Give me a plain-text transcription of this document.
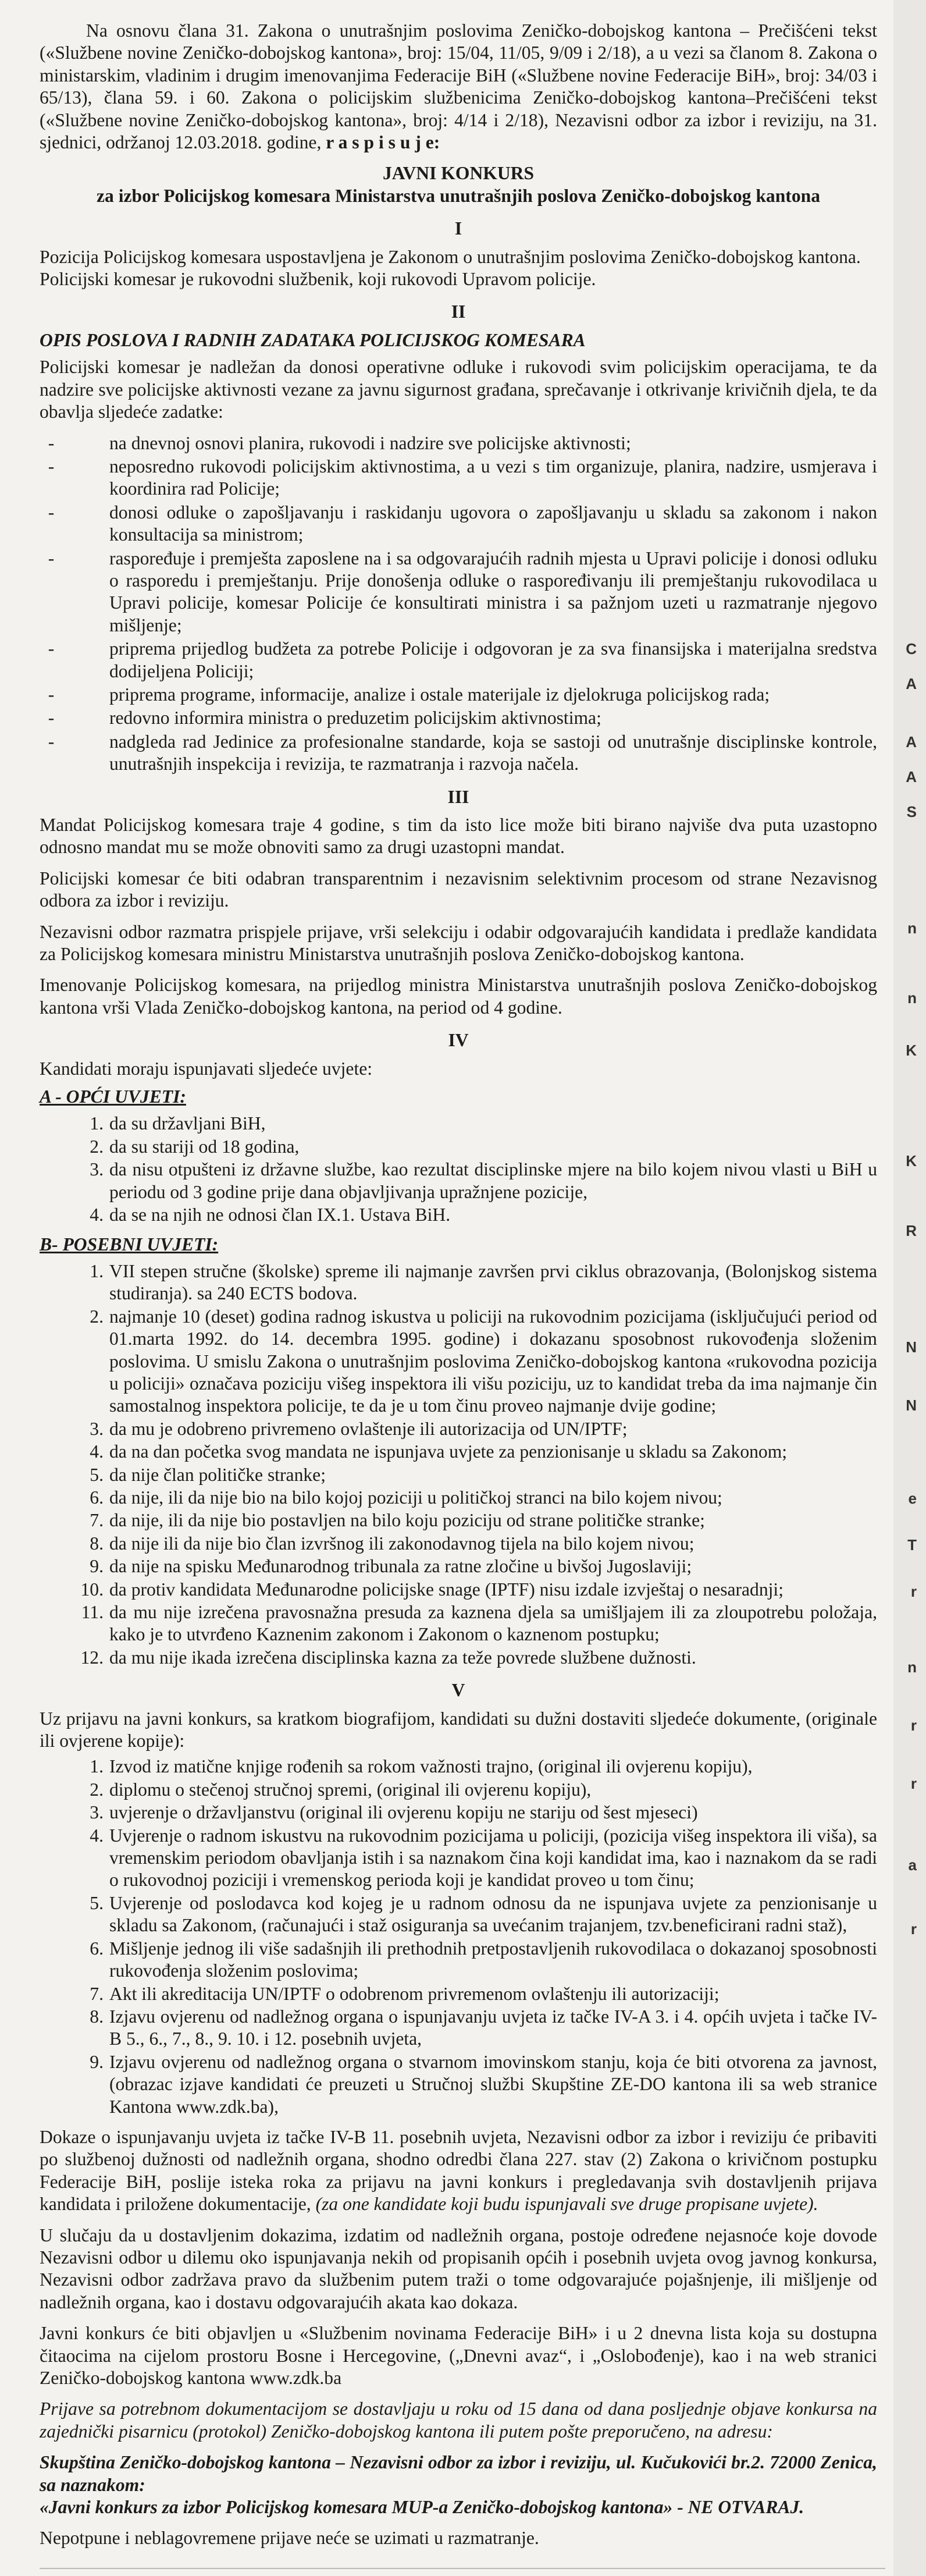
C
A
A
A
S
n
n
K
K
R
N
N
e
T
r
n
r
r
a
r

Na osnovu člana 31. Zakona o unutrašnjim poslovima Zeničko-dobojskog kantona – Prečišćeni tekst («Službene novine Zeničko-dobojskog kantona», broj: 15/04, 11/05, 9/09 i 2/18), a u vezi sa članom 8. Zakona o ministarskim, vladinim i drugim imenovanjima Federacije BiH («Službene novine Federacije BiH», broj: 34/03 i 65/13), člana 59. i 60. Zakona o policijskim službenicima Zeničko-dobojskog kantona–Prečišćeni tekst («Službene novine Zeničko-dobojskog kantona», broj: 4/14 i 2/18), Nezavisni odbor za izbor i reviziju, na 31. sjednici, održanoj 12.03.2018. godine, r a s p i s u j e:

JAVNI KONKURS
za izbor Policijskog komesara Ministarstva unutrašnjih poslova Zeničko-dobojskog kantona
I

Pozicija Policijskog komesara uspostavljena je Zakonom o unutrašnjim poslovima Zeničko-dobojskog kantona.

Policijski komesar je rukovodni službenik, koji rukovodi Upravom policije.

II
OPIS POSLOVA I RADNIH ZADATAKA POLICIJSKOG KOMESARA

Policijski komesar je nadležan da donosi operativne odluke i rukovodi svim policijskim operacijama, te da nadzire sve policijske aktivnosti vezane za javnu sigurnost građana, sprečavanje i otkrivanje krivičnih djela, te da obavlja sljedeće zadatke:

- na dnevnoj osnovi planira, rukovodi i nadzire sve policijske aktivnosti;
- neposredno rukovodi policijskim aktivnostima, a u vezi s tim organizuje, planira, nadzire, usmjerava i koordinira rad Policije;
- donosi odluke o zapošljavanju i raskidanju ugovora o zapošljavanju u skladu sa zakonom i nakon konsultacija sa ministrom;
- raspoređuje i premješta zaposlene na i sa odgovarajućih radnih mjesta u Upravi policije i donosi odluku o rasporedu i premještanju. Prije donošenja odluke o raspoređivanju ili premještanju rukovodilaca u Upravi policije, komesar Policije će konsultirati ministra i sa pažnjom uzeti u razmatranje njegovo mišljenje;
- priprema prijedlog budžeta za potrebe Policije i odgovoran je za sva finansijska i materijalna sredstva dodijeljena Policiji;
- priprema programe, informacije, analize i ostale materijale iz djelokruga policijskog rada;
- redovno informira ministra o preduzetim policijskim aktivnostima;
- nadgleda rad Jedinice za profesionalne standarde, koja se sastoji od unutrašnje disciplinske kontrole, unutrašnjih inspekcija i revizija, te razmatranja i razvoja načela.
III

Mandat Policijskog komesara traje 4 godine, s tim da isto lice može biti birano najviše dva puta uzastopno odnosno mandat mu se može obnoviti samo za drugi uzastopni mandat.

Policijski komesar će biti odabran transparentnim i nezavisnim selektivnim procesom od strane Nezavisnog odbora za izbor i reviziju.

Nezavisni odbor razmatra prispjele prijave, vrši selekciju i odabir odgovarajućih kandidata i predlaže kandidata za Policijskog komesara ministru Ministarstva unutrašnjih poslova Zeničko-dobojskog kantona.

Imenovanje Policijskog komesara, na prijedlog ministra Ministarstva unutrašnjih poslova Zeničko-dobojskog kantona vrši Vlada Zeničko-dobojskog kantona, na period od 4 godine.

IV

Kandidati moraju ispunjavati sljedeće uvjete:

A - OPĆI UVJETI:
1. da su državljani BiH,
2. da su stariji od 18 godina,
3. da nisu otpušteni iz državne službe, kao rezultat disciplinske mjere na bilo kojem nivou vlasti u BiH u periodu od 3 godine prije dana objavljivanja upražnjene pozicije,
4. da se na njih ne odnosi član IX.1. Ustava BiH.
B- POSEBNI UVJETI:
1. VII stepen stručne (školske) spreme ili najmanje završen prvi ciklus obrazovanja, (Bolonjskog sistema studiranja). sa 240 ECTS bodova.
2. najmanje 10 (deset) godina radnog iskustva u policiji na rukovodnim pozicijama (isključujući period od 01.marta 1992. do 14. decembra 1995. godine) i dokazanu sposobnost rukovođenja složenim poslovima. U smislu Zakona o unutrašnjim poslovima Zeničko-dobojskog kantona «rukovodna pozicija u policiji» označava poziciju višeg inspektora ili višu poziciju, uz to kandidat treba da ima najmanje čin samostalnog inspektora policije, te da je u tom činu proveo najmanje dvije godine;
3. da mu je odobreno privremeno ovlaštenje ili autorizacija od UN/IPTF;
4. da na dan početka svog mandata ne ispunjava uvjete za penzionisanje u skladu sa Zakonom;
5. da nije član političke stranke;
6. da nije, ili da nije bio na bilo kojoj poziciji u političkoj stranci na bilo kojem nivou;
7. da nije, ili da nije bio postavljen na bilo koju poziciju od strane političke stranke;
8. da nije ili da nije bio član izvršnog ili zakonodavnog tijela na bilo kojem nivou;
9. da nije na spisku Međunarodnog tribunala za ratne zločine u bivšoj Jugoslaviji;
10. da protiv kandidata Međunarodne policijske snage (IPTF) nisu izdale izvještaj o nesaradnji;
11. da mu nije izrečena pravosnažna presuda za kaznena djela sa umišljajem ili za zloupotrebu položaja, kako je to utvrđeno Kaznenim zakonom i Zakonom o kaznenom postupku;
12. da mu nije ikada izrečena disciplinska kazna za teže povrede službene dužnosti.
V

Uz prijavu na javni konkurs, sa kratkom biografijom, kandidati su dužni dostaviti sljedeće dokumente, (originale ili ovjerene kopije):

1. Izvod iz matične knjige rođenih sa rokom važnosti trajno, (original ili ovjerenu kopiju),
2. diplomu o stečenoj stručnoj spremi, (original ili ovjerenu kopiju),
3. uvjerenje o državljanstvu (original ili ovjerenu kopiju ne stariju od šest mjeseci)
4. Uvjerenje o radnom iskustvu na rukovodnim pozicijama u policiji, (pozicija višeg inspektora ili viša), sa vremenskim periodom obavljanja istih i sa naznakom čina koji kandidat ima, kao i naznakom da se radi o rukovodnoj poziciji i vremenskog perioda koji je kandidat proveo u tom činu;
5. Uvjerenje od poslodavca kod kojeg je u radnom odnosu da ne ispunjava uvjete za penzionisanje u skladu sa Zakonom, (računajući i staž osiguranja sa uvećanim trajanjem, tzv.beneficirani radni staž),
6. Mišljenje jednog ili više sadašnjih ili prethodnih pretpostavljenih rukovodilaca o dokazanoj sposobnosti rukovođenja složenim poslovima;
7. Akt ili akreditacija UN/IPTF o odobrenom privremenom ovlaštenju ili autorizaciji;
8. Izjavu ovjerenu od nadležnog organa o ispunjavanju uvjeta iz tačke IV-A 3. i 4. općih uvjeta i tačke IV-B 5., 6., 7., 8., 9. 10. i 12. posebnih uvjeta,
9. Izjavu ovjerenu od nadležnog organa o stvarnom imovinskom stanju, koja će biti otvorena za javnost, (obrazac izjave kandidati će preuzeti u Stručnoj službi Skupštine ZE-DO kantona ili sa web stranice Kantona www.zdk.ba),

Dokaze o ispunjavanju uvjeta iz tačke IV-B 11. posebnih uvjeta, Nezavisni odbor za izbor i reviziju će pribaviti po službenoj dužnosti od nadležnih organa, shodno odredbi člana 227. stav (2) Zakona o krivičnom postupku Federacije BiH, poslije isteka roka za prijavu na javni konkurs i pregledavanja svih dostavljenih prijava kandidata i priložene dokumentacije, (za one kandidate koji budu ispunjavali sve druge propisane uvjete).

U slučaju da u dostavljenim dokazima, izdatim od nadležnih organa, postoje određene nejasnoće koje dovode Nezavisni odbor u dilemu oko ispunjavanja nekih od propisanih općih i posebnih uvjeta ovog javnog konkursa, Nezavisni odbor zadržava pravo da službenim putem traži o tome odgovarajuće pojašnjenje, ili mišljenje od nadležnih organa, kao i dostavu odgovarajućih akata kao dokaza.

Javni konkurs će biti objavljen u «Službenim novinama Federacije BiH» i u 2 dnevna lista koja su dostupna čitaocima na cijelom prostoru Bosne i Hercegovine, („Dnevni avaz“, i „Oslobođenje), kao i na web stranici Zeničko-dobojskog kantona www.zdk.ba

Prijave sa potrebnom dokumentacijom se dostavljaju u roku od 15 dana od dana posljednje objave konkursa na zajednički pisarnicu (protokol) Zeničko-dobojskog kantona ili putem pošte preporučeno, na adresu:

Skupština Zeničko-dobojskog kantona – Nezavisni odbor za izbor i reviziju, ul. Kučukovići br.2. 72000 Zenica, sa naznakom:

«Javni konkurs za izbor Policijskog komesara MUP-a Zeničko-dobojskog kantona» - NE OTVARAJ.

Nepotpune i neblagovremene prijave neće se uzimati u razmatranje.
